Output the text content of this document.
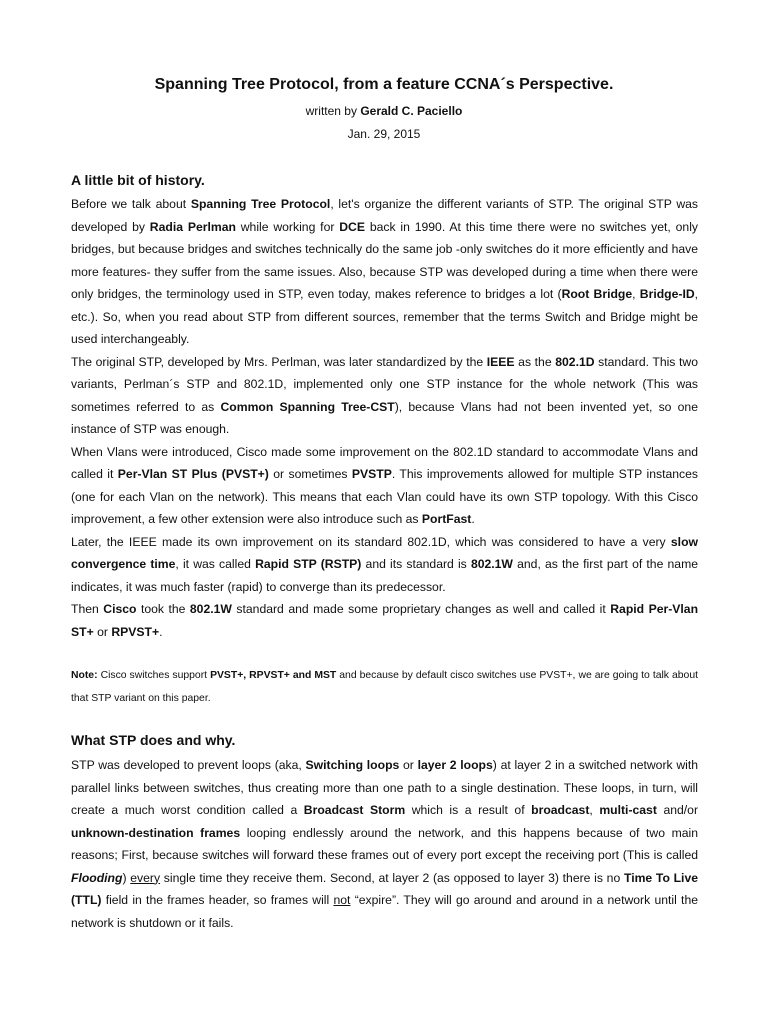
Spanning Tree Protocol, from a feature CCNA´s Perspective.

written by Gerald C. Paciello

Jan. 29, 2015

A little bit of history.
Before we talk about Spanning Tree Protocol, let's organize the different variants of STP. The original STP was developed by Radia Perlman while working for DCE back in 1990. At this time there were no switches yet, only bridges, but because bridges and switches technically do the same job -only switches do it more efficiently and have more features- they suffer from the same issues. Also, because STP was developed during a time when there were only bridges, the terminology used in STP, even today, makes reference to bridges a lot (Root Bridge, Bridge-ID, etc.). So, when you read about STP from different sources, remember that the terms Switch and Bridge might be used interchangeably.
The original STP, developed by Mrs. Perlman, was later standardized by the IEEE as the 802.1D standard. This two variants, Perlman´s STP and 802.1D, implemented only one STP instance for the whole network (This was sometimes referred to as Common Spanning Tree-CST), because Vlans had not been invented yet, so one instance of STP was enough.
When Vlans were introduced, Cisco made some improvement on the 802.1D standard to accommodate Vlans and called it Per-Vlan ST Plus (PVST+) or sometimes PVSTP. This improvements allowed for multiple STP instances (one for each Vlan on the network). This means that each Vlan could have its own STP topology. With this Cisco improvement, a few other extension were also introduce such as PortFast.
Later, the IEEE made its own improvement on its standard 802.1D, which was considered to have a very slow convergence time, it was called Rapid STP (RSTP) and its standard is 802.1W and, as the first part of the name indicates, it was much faster (rapid) to converge than its predecessor.
Then Cisco took the 802.1W standard and made some proprietary changes as well and called it Rapid Per-Vlan ST+ or RPVST+.
Note: Cisco switches support PVST+, RPVST+ and MST and because by default cisco switches use PVST+, we are going to talk about that STP variant on this paper.
What STP does and why.
STP was developed to prevent loops (aka, Switching loops or layer 2 loops) at layer 2 in a switched network with parallel links between switches, thus creating more than one path to a single destination. These loops, in turn, will create a much worst condition called a Broadcast Storm which is a result of broadcast, multi-cast and/or unknown-destination frames looping endlessly around the network, and this happens because of two main reasons; First, because switches will forward these frames out of every port except the receiving port (This is called Flooding) every single time they receive them. Second, at layer 2 (as opposed to layer 3) there is no Time To Live (TTL) field in the frames header, so frames will not “expire”. They will go around and around in a network until the network is shutdown or it fails.
